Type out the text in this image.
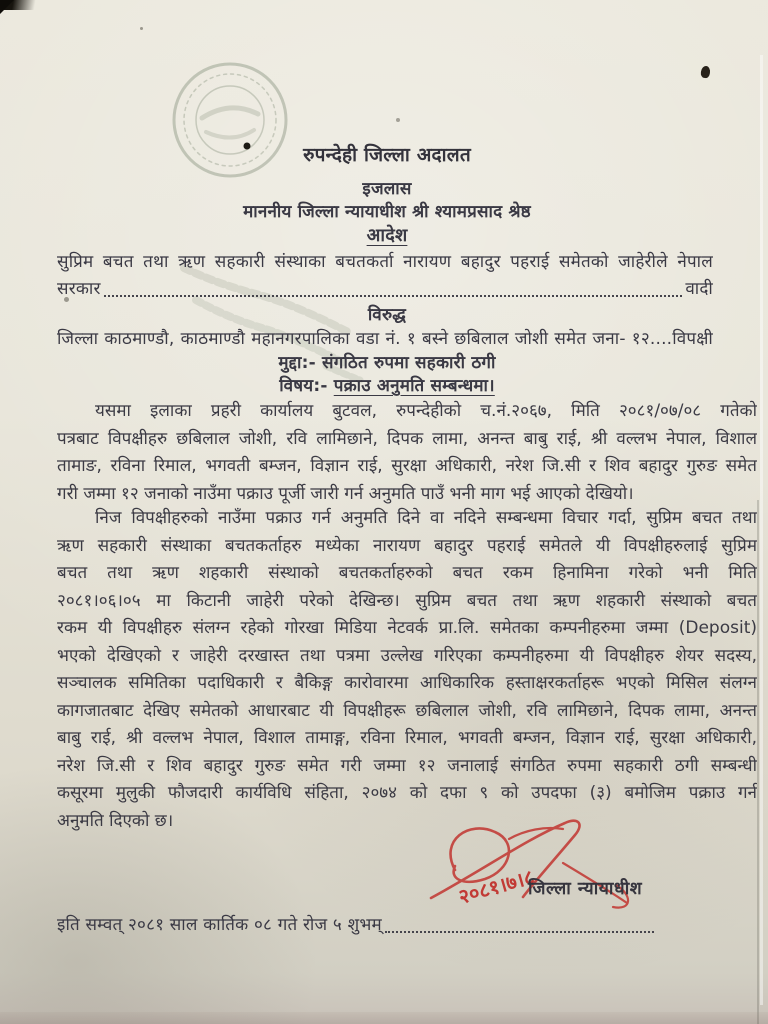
रुपन्देही जिल्ला अदालत
इजलास
माननीय जिल्ला न्यायाधीश श्री श्यामप्रसाद श्रेष्ठ
आदेश
सुप्रिम बचत तथा ऋण सहकारी संस्थाका बचतकर्ता नारायण बहादुर पहराई समेतको जाहेरीले नेपाल
सरकार	वादी
विरुद्ध
जिल्ला काठमाण्डौ, काठमाण्डौ महानगरपालिका वडा नं. १ बस्ने छबिलाल जोशी समेत जना- १२....विपक्षी
मुद्दा:- संगठित रुपमा सहकारी ठगी
विषय:- पक्राउ अनुमति सम्बन्धमा।
यसमा इलाका प्रहरी कार्यालय बुटवल, रुपन्देहीको च.नं.२०६७, मिति २०८१/०७/०८ गतेको
पत्रबाट विपक्षीहरु छबिलाल जोशी, रवि लामिछाने, दिपक लामा, अनन्त बाबु राई, श्री वल्लभ नेपाल, विशाल
तामाङ, रविना रिमाल, भगवती बम्जन, विज्ञान राई, सुरक्षा अधिकारी, नरेश जि.सी र शिव बहादुर गुरुङ समेत
गरी जम्मा १२ जनाको नाउँमा पक्राउ पूर्जी जारी गर्न अनुमति पाउँ भनी माग भई आएको देखियो।
निज विपक्षीहरुको नाउँमा पक्राउ गर्न अनुमति दिने वा नदिने सम्बन्धमा विचार गर्दा, सुप्रिम बचत तथा
ऋण सहकारी संस्थाका बचतकर्ताहरु मध्येका नारायण बहादुर पहराई समेतले यी विपक्षीहरुलाई सुप्रिम
बचत तथा ऋण शहकारी संस्थाको बचतकर्ताहरुको बचत रकम हिनामिना गरेको भनी मिति
२०८१।०६।०५ मा किटानी जाहेरी परेको देखिन्छ। सुप्रिम बचत तथा ऋण शहकारी संस्थाको बचत
रकम यी विपक्षीहरु संलग्न रहेको गोरखा मिडिया नेटवर्क प्रा.लि. समेतका कम्पनीहरुमा जम्मा (Deposit)
भएको देखिएको र जाहेरी दरखास्त तथा पत्रमा उल्लेख गरिएका कम्पनीहरुमा यी विपक्षीहरु शेयर सदस्य,
सञ्चालक समितिका पदाधिकारी र बैकिङ्ग कारोवारमा आधिकारिक हस्ताक्षरकर्ताहरू भएको मिसिल संलग्न
कागजातबाट देखिए समेतको आधारबाट यी विपक्षीहरू छबिलाल जोशी, रवि लामिछाने, दिपक लामा, अनन्त
बाबु राई, श्री वल्लभ नेपाल, विशाल तामाङ्ग, रविना रिमाल, भगवती बम्जन, विज्ञान राई, सुरक्षा अधिकारी,
नरेश जि.सी र शिव बहादुर गुरुङ समेत गरी जम्मा १२ जनालाई संगठित रुपमा सहकारी ठगी सम्बन्धी
कसूरमा मुलुकी फौजदारी कार्यविधि संहिता, २०७४ को दफा ९ को उपदफा (३) बमोजिम पक्राउ गर्न
अनुमति दिएको छ।
२०८१।७।८
जिल्ला न्यायाधीश
इति सम्वत् २०८१ साल कार्तिक ०८ गते रोज ५ शुभम्
